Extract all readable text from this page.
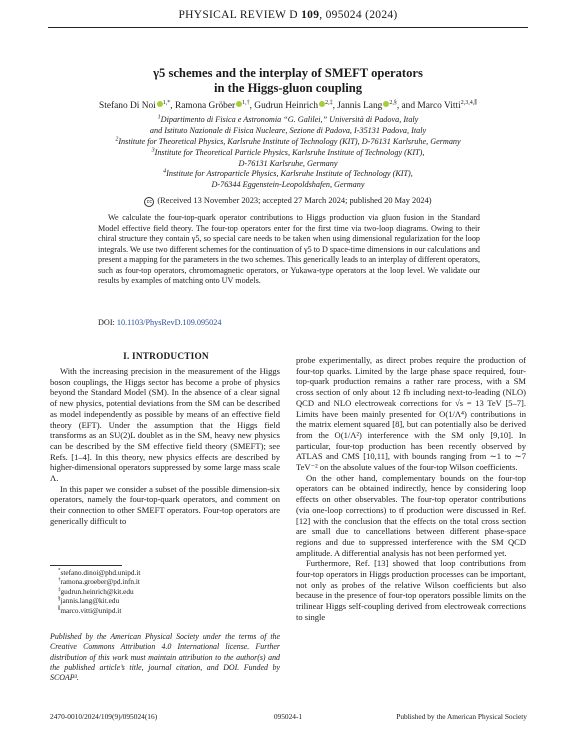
PHYSICAL REVIEW D 109, 095024 (2024)
γ5 schemes and the interplay of SMEFT operators
in the Higgs-gluon coupling
Stefano Di Noi $^{1,*}$, Ramona Gröber $^{1,\dagger}$, Gudrun Heinrich $^{2,\ddagger}$, Jannis Lang $^{2,\S}$, and Marco Vitti$^{2,3,4,\parallel}$
$^1$Dipartimento di Fisica e Astronomia “G. Galilei,” Università di Padova, Italy
and Istituto Nazionale di Fisica Nucleare, Sezione di Padova, I-35131 Padova, Italy
$^2$Institute for Theoretical Physics, Karlsruhe Institute of Technology (KIT), D-76131 Karlsruhe, Germany
$^3$Institute for Theoretical Particle Physics, Karlsruhe Institute of Technology (KIT),
D-76131 Karlsruhe, Germany
$^4$Institute for Astroparticle Physics, Karlsruhe Institute of Technology (KIT),
D-76344 Eggenstein-Leopoldshafen, Germany
cc (Received 13 November 2023; accepted 27 March 2024; published 20 May 2024)
We calculate the four-top-quark operator contributions to Higgs production via gluon fusion in the Standard Model effective field theory. The four-top operators enter for the first time via two-loop diagrams. Owing to their chiral structure they contain γ5, so special care needs to be taken when using dimensional regularization for the loop integrals. We use two different schemes for the continuation of γ5 to D space-time dimensions in our calculations and present a mapping for the parameters in the two schemes. This generically leads to an interplay of different operators, such as four-top operators, chromomagnetic operators, or Yukawa-type operators at the loop level. We validate our results by examples of matching onto UV models.
DOI: 10.1103/PhysRevD.109.095024
I. INTRODUCTION

With the increasing precision in the measurement of the Higgs boson couplings, the Higgs sector has become a probe of physics beyond the Standard Model (SM). In the absence of a clear signal of new physics, potential deviations from the SM can be described as model independently as possible by means of an effective field theory (EFT). Under the assumption that the Higgs field transforms as an SU(2)L doublet as in the SM, heavy new physics can be described by the SM effective field theory (SMEFT); see Refs. [1–4]. In this theory, new physics effects are described by higher-dimensional operators suppressed by some large mass scale Λ.

In this paper we consider a subset of the possible dimension-six operators, namely the four-top-quark operators, and comment on their connection to other SMEFT operators. Four-top operators are generically difficult to

probe experimentally, as direct probes require the production of four-top quarks. Limited by the large phase space required, four-top-quark production remains a rather rare process, with a SM cross section of only about 12 fb including next-to-leading (NLO) QCD and NLO electroweak corrections for √s = 13 TeV [5–7]. Limits have been mainly presented for O(1/Λ⁴) contributions in the matrix element squared [8], but can potentially also be derived from the O(1/Λ²) interference with the SM only [9,10]. In particular, four-top production has been recently observed by ATLAS and CMS [10,11], with bounds ranging from ∼1 to ∼7 TeV⁻² on the absolute values of the four-top Wilson coefficients.

On the other hand, complementary bounds on the four-top operators can be obtained indirectly, hence by considering loop effects on other observables. The four-top operator contributions (via one-loop corrections) to tt̄ production were discussed in Ref. [12] with the conclusion that the effects on the total cross section are small due to cancellations between different phase-space regions and due to suppressed interference with the SM QCD amplitude. A differential analysis has not been performed yet.

Furthermore, Ref. [13] showed that loop contributions from four-top operators in Higgs production processes can be important, not only as probes of the relative Wilson coefficients but also because in the presence of four-top operators possible limits on the trilinear Higgs self-coupling derived from electroweak corrections to single

*stefano.dinoi@phd.unipd.it
†ramona.groeber@pd.infn.it
‡gudrun.heinrich@kit.edu
§jannis.lang@kit.edu
∥marco.vitti@unipd.it
Published by the American Physical Society under the terms of the Creative Commons Attribution 4.0 International license. Further distribution of this work must maintain attribution to the author(s) and the published article’s title, journal citation, and DOI. Funded by SCOAP³.
2470-0010/2024/109(9)/095024(16)	095024-1	Published by the American Physical Society
